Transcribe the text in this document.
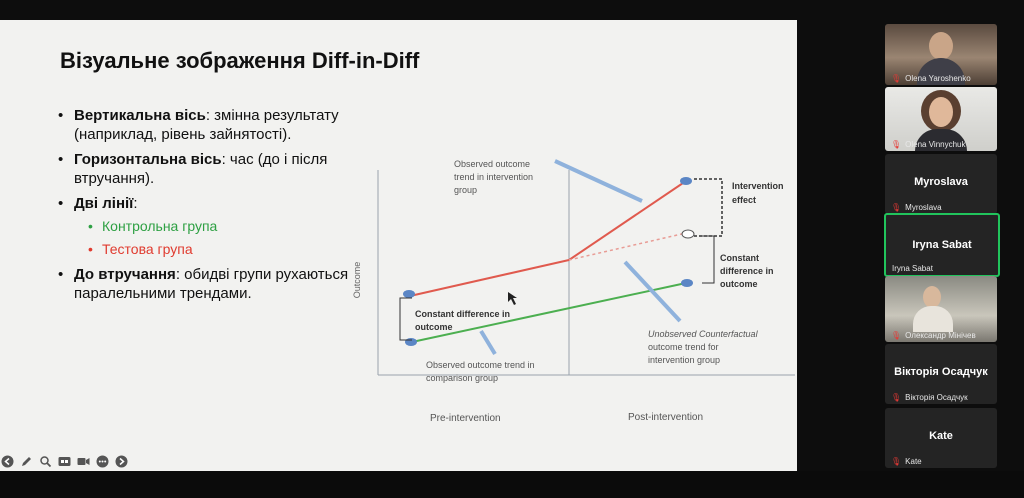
Візуальне зображення Diff-in-Diff
• Вертикальна вісь: змінна результату (наприклад, рівень зайнятості).
• Горизонтальна вісь: час (до і після втручання).
• Дві лінії:
• Контрольна група
• Тестова група
• До втручання: обидві групи рухаються паралельними трендами.	Outcome
Pre-intervention	Post-intervention
Observed outcome
trend in intervention
group	Intervention
effect
Constant
difference in
outcome
Constant difference in
outcome
Observed outcome trend in
comparison group
Unobserved Counterfactual
outcome trend for
intervention group
🎙 Olena Yaroshenko
🎙 Olena Vinnychuk
Myroslava
🎙 Myroslava
Iryna Sabat
Iryna Sabat
🎙 Олександр Мінічев
Вікторія Осадчук
🎙 Вікторія Осадчук
Kate
🎙 Kate
